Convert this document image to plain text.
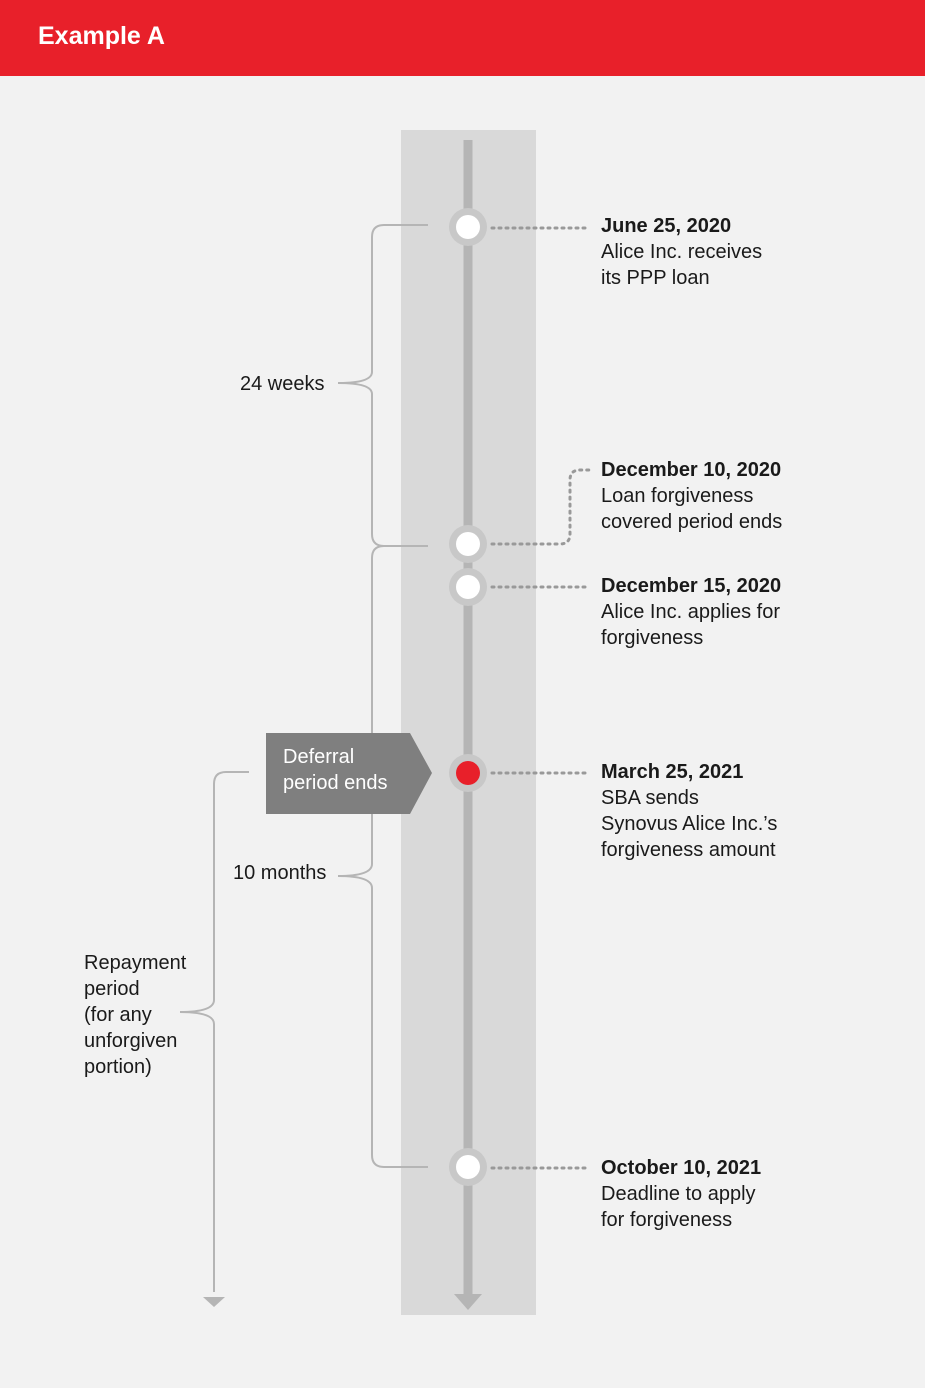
Example A
Deferral
period ends
24 weeks
10 months
Repayment
period
(for any
unforgiven
portion)
June 25, 2020
Alice Inc. receives
its PPP loan
December 10, 2020
Loan forgiveness
covered period ends
December 15, 2020
Alice Inc. applies for
forgiveness
March 25, 2021
SBA sends
Synovus Alice Inc.’s
forgiveness amount
October 10, 2021
Deadline to apply
for forgiveness
